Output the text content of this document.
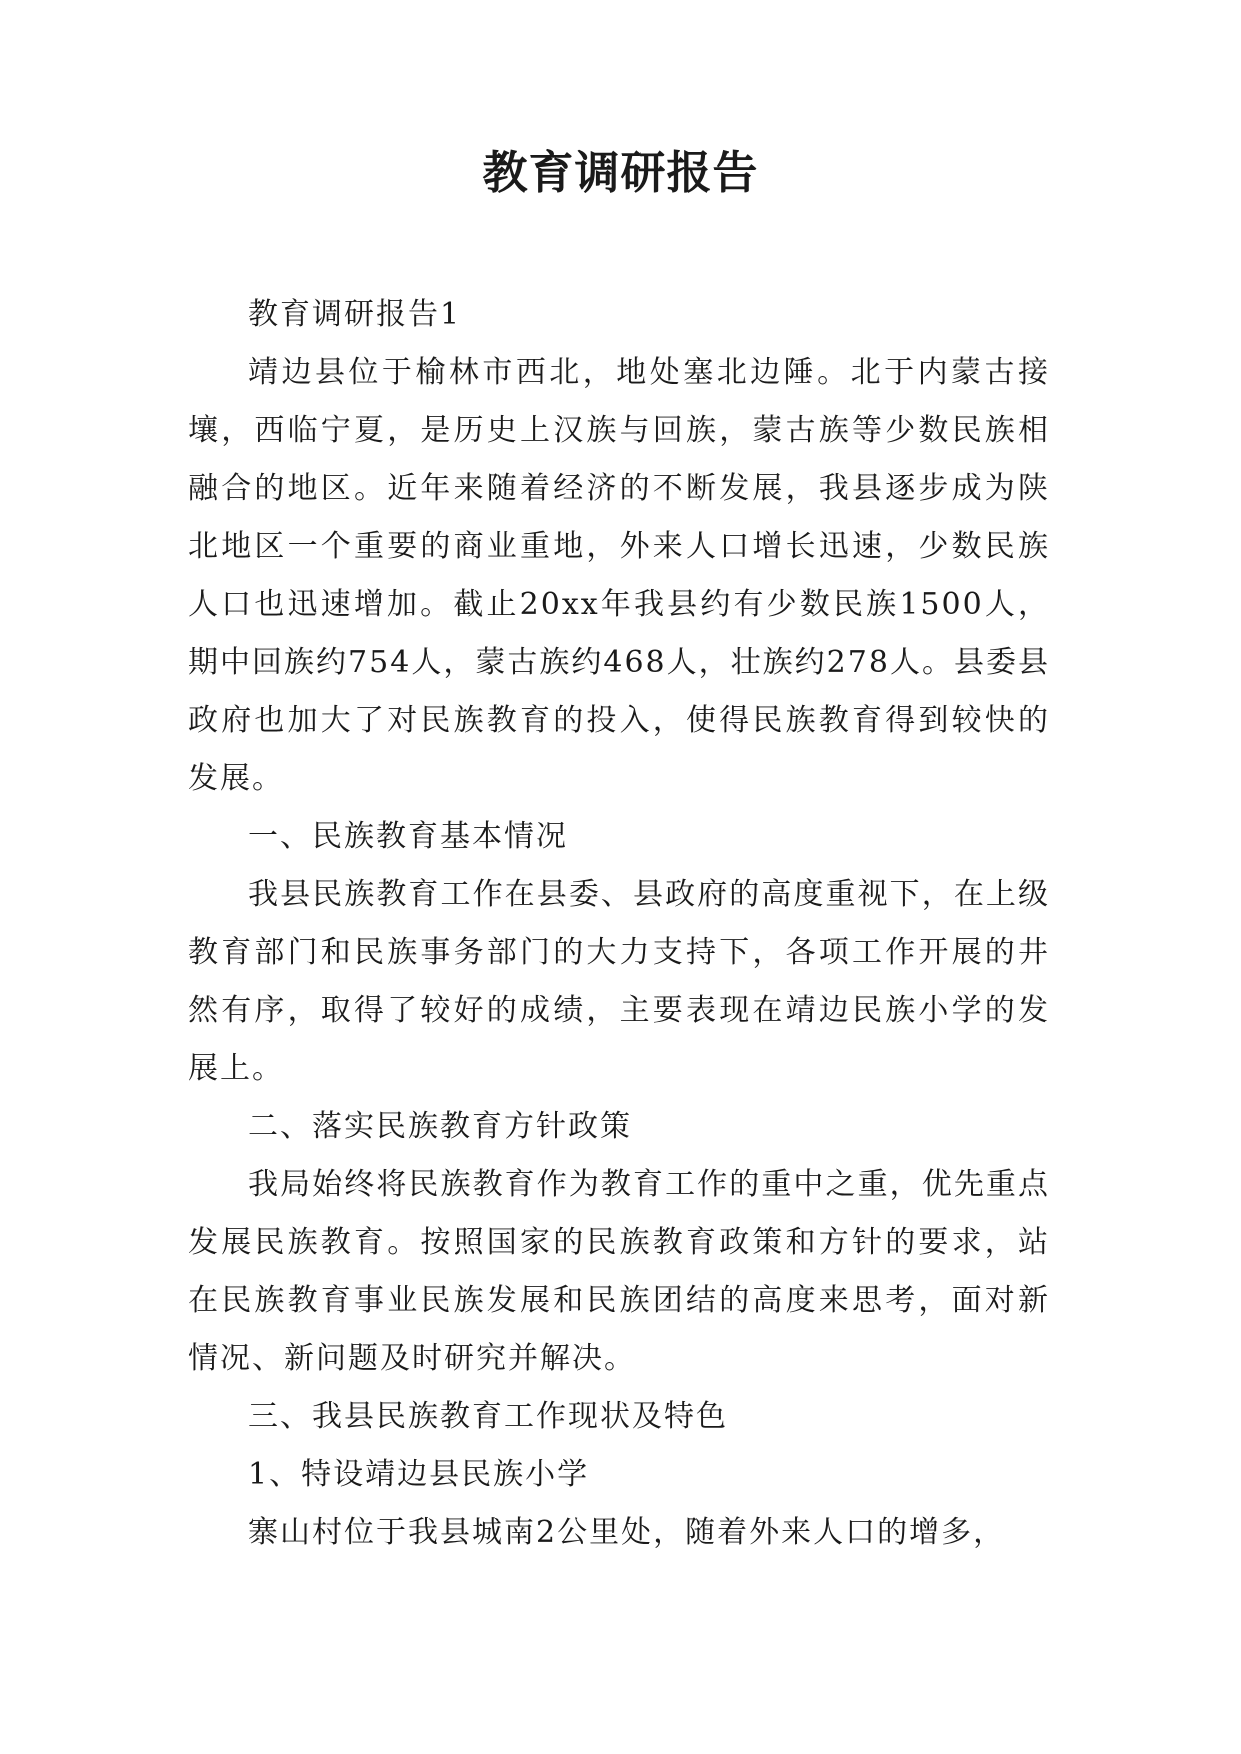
教育调研报告

教育调研报告1

靖边县位于榆林市西北，地处塞北边陲。北于内蒙古接壤，西临宁夏，是历史上汉族与回族，蒙古族等少数民族相融合的地区。近年来随着经济的不断发展，我县逐步成为陕北地区一个重要的商业重地，外来人口增长迅速，少数民族人口也迅速增加。截止20xx年我县约有少数民族1500人，期中回族约754人，蒙古族约468人，壮族约278人。县委县政府也加大了对民族教育的投入，使得民族教育得到较快的发展。

一、民族教育基本情况

我县民族教育工作在县委、县政府的高度重视下，在上级教育部门和民族事务部门的大力支持下，各项工作开展的井然有序，取得了较好的成绩，主要表现在靖边民族小学的发展上。

二、落实民族教育方针政策

我局始终将民族教育作为教育工作的重中之重，优先重点发展民族教育。按照国家的民族教育政策和方针的要求，站在民族教育事业民族发展和民族团结的高度来思考，面对新情况、新问题及时研究并解决。

三、我县民族教育工作现状及特色

1、特设靖边县民族小学

寨山村位于我县城南2公里处，随着外来人口的增多，
